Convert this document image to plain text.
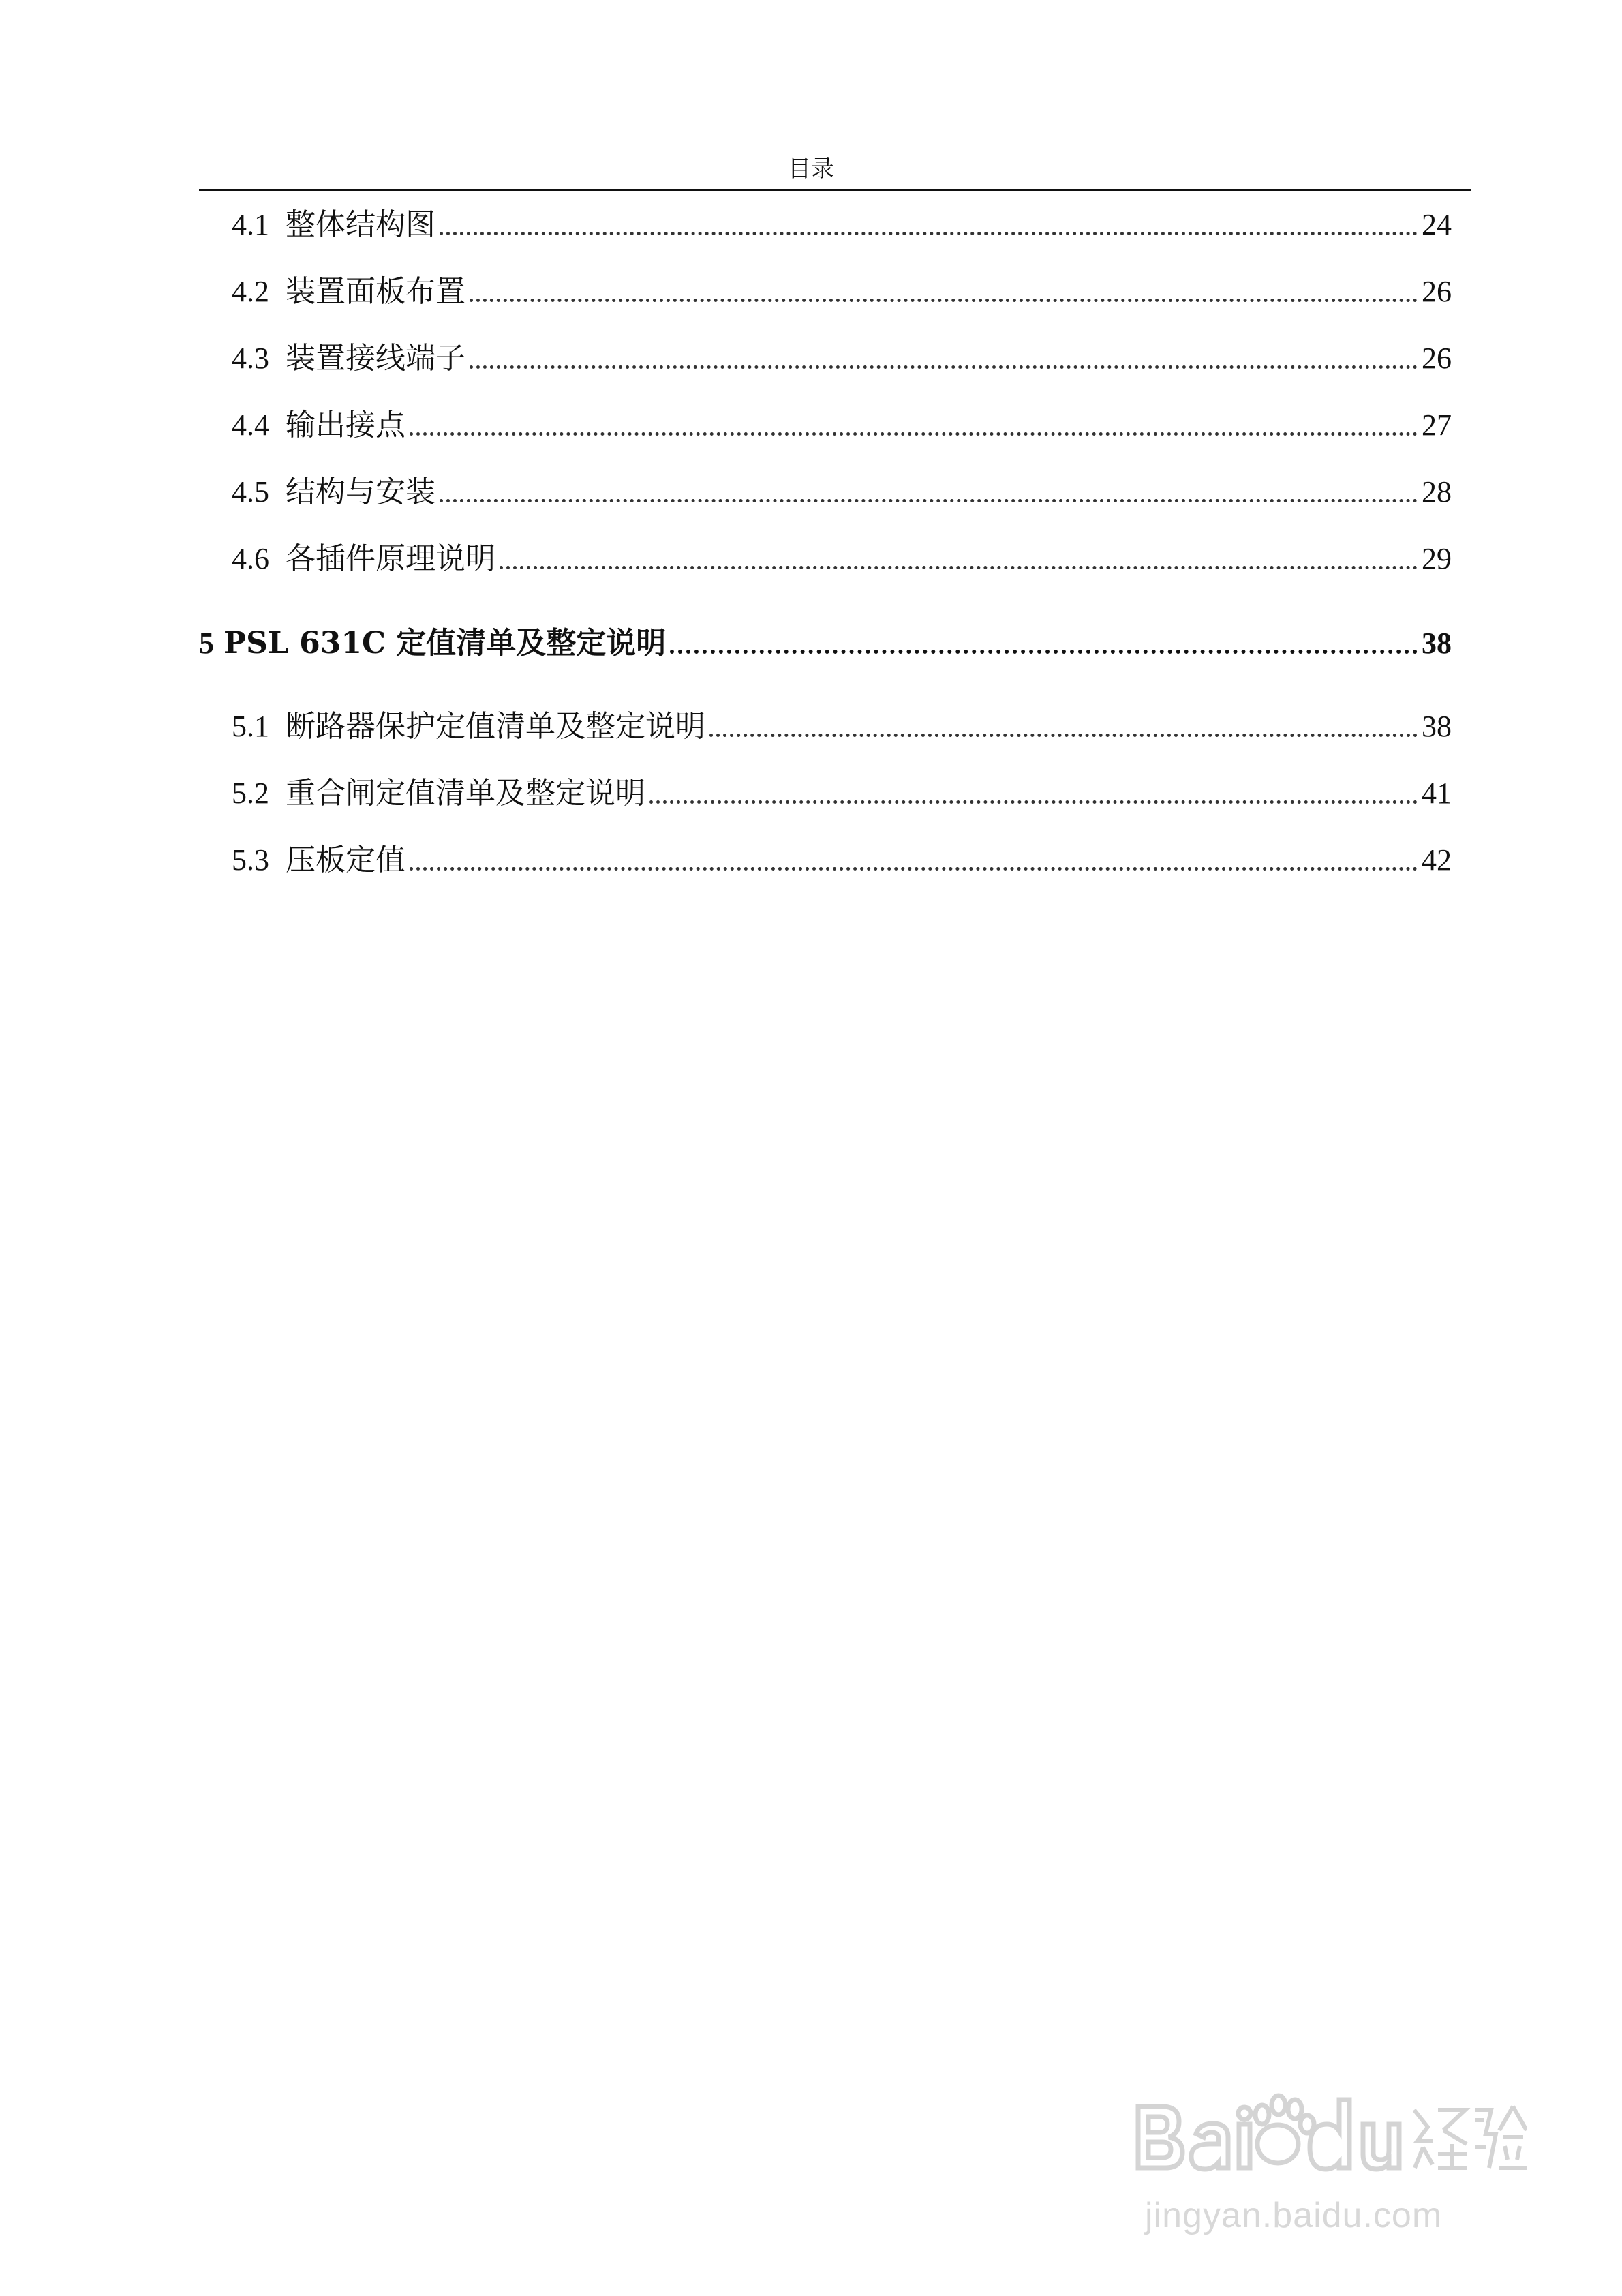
目录
4.1 整体结构图	24
4.2 装置面板布置	26
4.3 装置接线端子	26
4.4 输出接点	27
4.5 结构与安装	28
4.6 各插件原理说明	29
5 PSL 631C 定值清单及整定说明	38
5.1 断路器保护定值清单及整定说明	38
5.2 重合闸定值清单及整定说明	41
5.3 压板定值	42
jingyan.baidu.com
